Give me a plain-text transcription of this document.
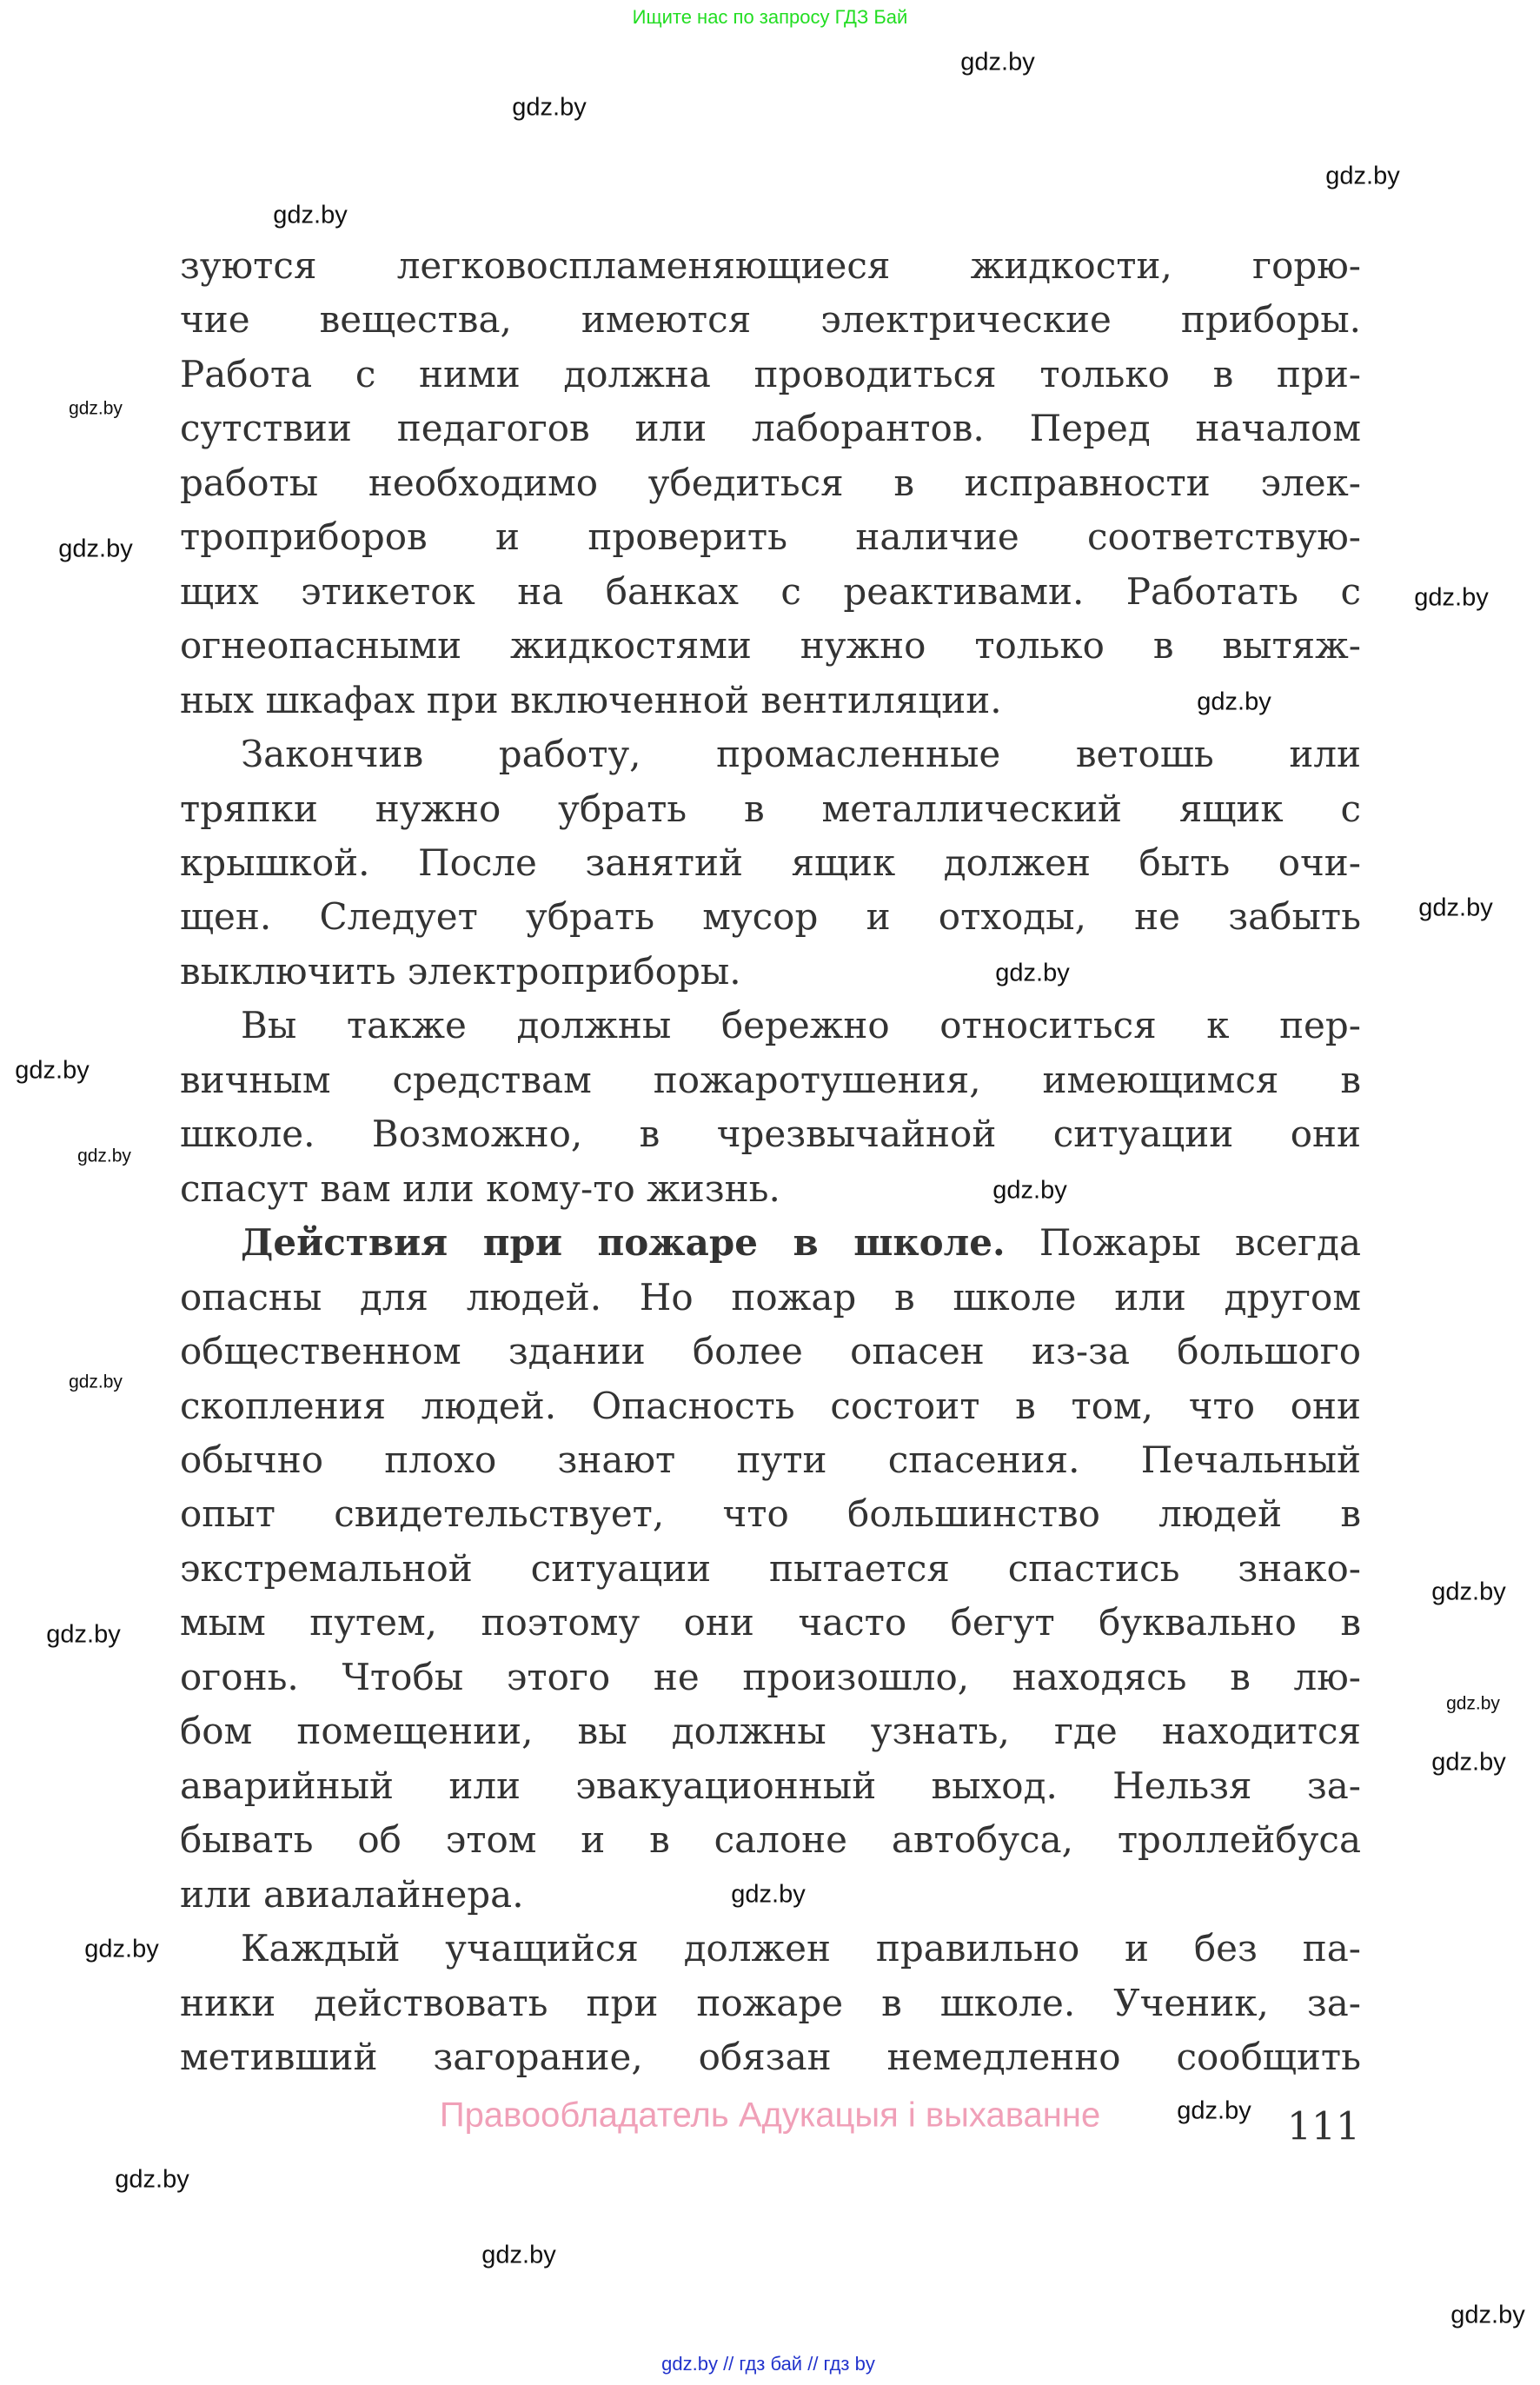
Ищите нас по запросу ГДЗ Бай
зуются легковоспламеняющиеся жидкости, горю-
чие вещества, имеются электрические приборы.
Работа с ними должна проводиться только в при-
сутствии педагогов или лаборантов. Перед началом
работы необходимо убедиться в исправности элек-
троприборов и проверить наличие соответствую-
щих этикеток на банках с реактивами. Работать с
огнеопасными жидкостями нужно только в вытяж-
ных шкафах при включенной вентиляции.
Закончив работу, промасленные ветошь или
тряпки нужно убрать в металлический ящик с
крышкой. После занятий ящик должен быть очи-
щен. Следует убрать мусор и отходы, не забыть
выключить электроприборы.
Вы также должны бережно относиться к пер-
вичным средствам пожаротушения, имеющимся в
школе. Возможно, в чрезвычайной ситуации они
спасут вам или кому-то жизнь.
Действия при пожаре в школе. Пожары всегда
опасны для людей. Но пожар в школе или другом
общественном здании более опасен из-за большого
скопления людей. Опасность состоит в том, что они
обычно плохо знают пути спасения. Печальный
опыт свидетельствует, что большинство людей в
экстремальной ситуации пытается спастись знако-
мым путем, поэтому они часто бегут буквально в
огонь. Чтобы этого не произошло, находясь в лю-
бом помещении, вы должны узнать, где находится
аварийный или эвакуационный выход. Нельзя за-
бывать об этом и в салоне автобуса, троллейбуса
или авиалайнера.
Каждый учащийся должен правильно и без па-
ники действовать при пожаре в школе. Ученик, за-
метивший загорание, обязан немедленно сообщить
Правообладатель Адукацыя і выхаванне	111
gdz.by // гдз бай // гдз by
gdz.by
gdz.by
gdz.by
gdz.by
gdz.by
gdz.by
gdz.by
gdz.by
gdz.by
gdz.by
gdz.by
gdz.by
gdz.by
gdz.by
gdz.by
gdz.by
gdz.by
gdz.by
gdz.by
gdz.by
gdz.by
gdz.by
gdz.by
gdz.by
